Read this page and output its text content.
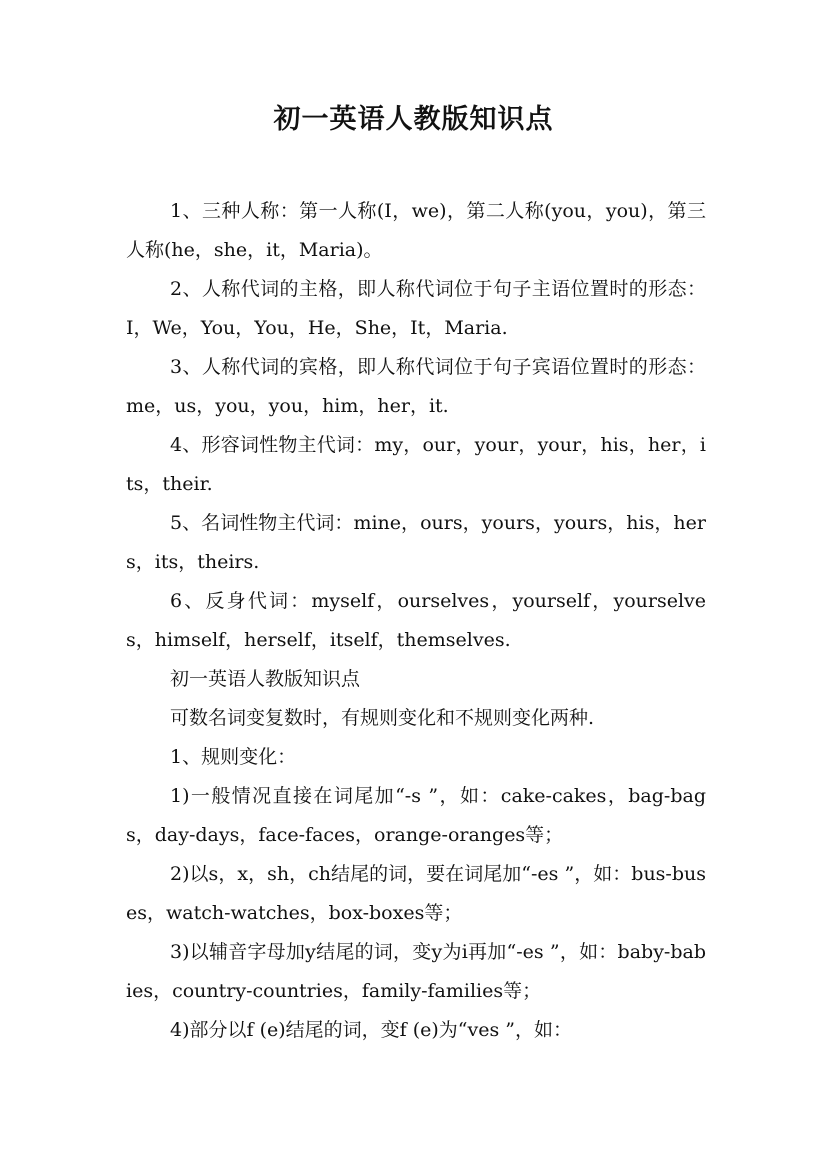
初一英语人教版知识点

1、三种人称：第一人称(I，we)，第二人称(you，you)，第三人称(he，she，it，Maria)。

2、人称代词的主格，即人称代词位于句子主语位置时的形态：I，We，You，You，He，She，It，Maria.

3、人称代词的宾格，即人称代词位于句子宾语位置时的形态：me，us，you，you，him，her，it.

4、形容词性物主代词：my，our，your，your，his，her，its，their.

5、名词性物主代词：mine，ours，yours，yours，his，hers，its，theirs.

6、反身代词：myself，ourselves，yourself，yourselves，himself，herself，itself，themselves.

初一英语人教版知识点

可数名词变复数时，有规则变化和不规则变化两种.

1、规则变化：

1)一般情况直接在词尾加“-s ”，如：cake-cakes，bag-bags，day-days，face-faces，orange-oranges等；

2)以s，x，sh，ch结尾的词，要在词尾加“-es ”，如：bus-buses，watch-watches，box-boxes等；

3)以辅音字母加y结尾的词，变y为i再加“-es ”，如：baby-babies，country-countries，family-families等；

4)部分以f (e)结尾的词，变f (e)为“ves ”，如：
